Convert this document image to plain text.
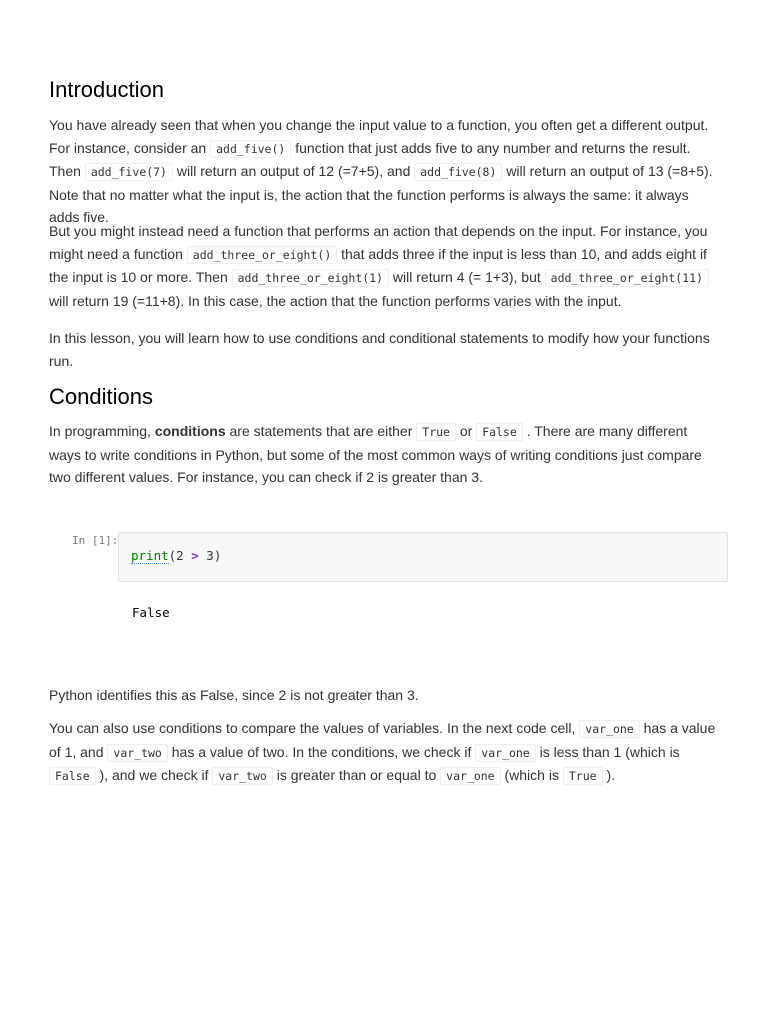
Introduction

You have already seen that when you change the input value to a function, you often get a different output. For instance, consider an add_five() function that just adds five to any number and returns the result. Then add_five(7) will return an output of 12 (=7+5), and add_five(8) will return an output of 13 (=8+5). Note that no matter what the input is, the action that the function performs is always the same: it always adds five.

But you might instead need a function that performs an action that depends on the input. For instance, you might need a function add_three_or_eight() that adds three if the input is less than 10, and adds eight if the input is 10 or more. Then add_three_or_eight(1) will return 4 (= 1+3), but add_three_or_eight(11) will return 19 (=11+8). In this case, the action that the function performs varies with the input.

In this lesson, you will learn how to use conditions and conditional statements to modify how your functions run.

Conditions

In programming, conditions are statements that are either True or False . There are many different ways to write conditions in Python, but some of the most common ways of writing conditions just compare two different values. For instance, you can check if 2 is greater than 3.

In [1]:
print(2 > 3)
False

Python identifies this as False, since 2 is not greater than 3.

You can also use conditions to compare the values of variables. In the next code cell, var_one has a value of 1, and var_two has a value of two. In the conditions, we check if var_one is less than 1 (which is False ), and we check if var_two is greater than or equal to var_one (which is True ).
